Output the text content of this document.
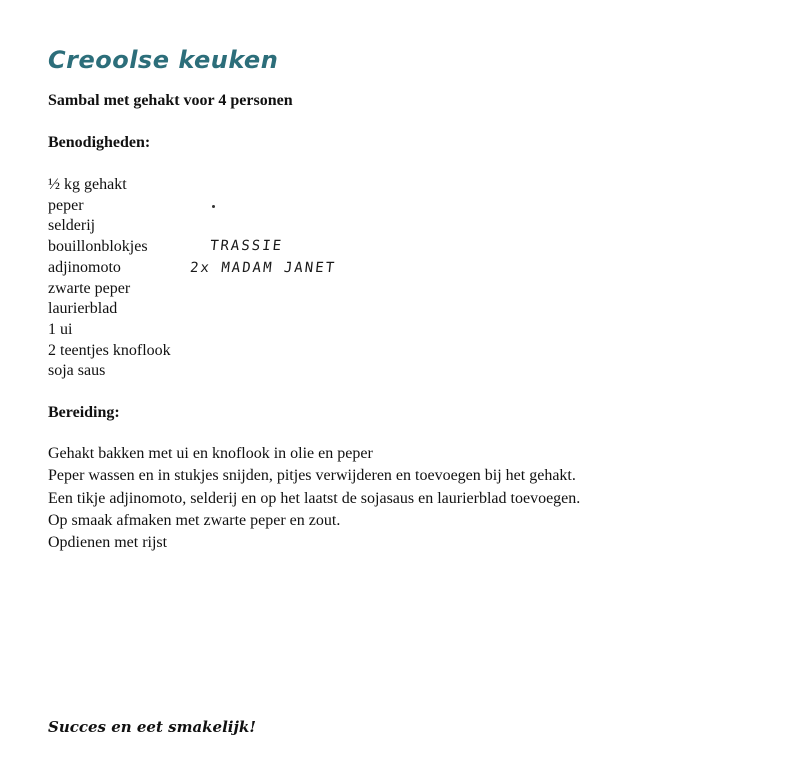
Creoolse keuken
Sambal met gehakt voor 4 personen
Benodigheden:
½ kg gehakt
peper
selderij
bouillonblokjes
adjinomoto
zwarte peper
laurierblad
1 ui
2 teentjes knoflook
soja saus
TRASSIE
2x MADAM JANET
Bereiding:
Gehakt bakken met ui en knoflook in olie en peper
Peper wassen en in stukjes snijden, pitjes verwijderen en toevoegen bij het gehakt.
Een tikje adjinomoto, selderij en op het laatst de sojasaus en laurierblad toevoegen.
Op smaak afmaken met zwarte peper en zout.
Opdienen met rijst
Succes en eet smakelijk!
